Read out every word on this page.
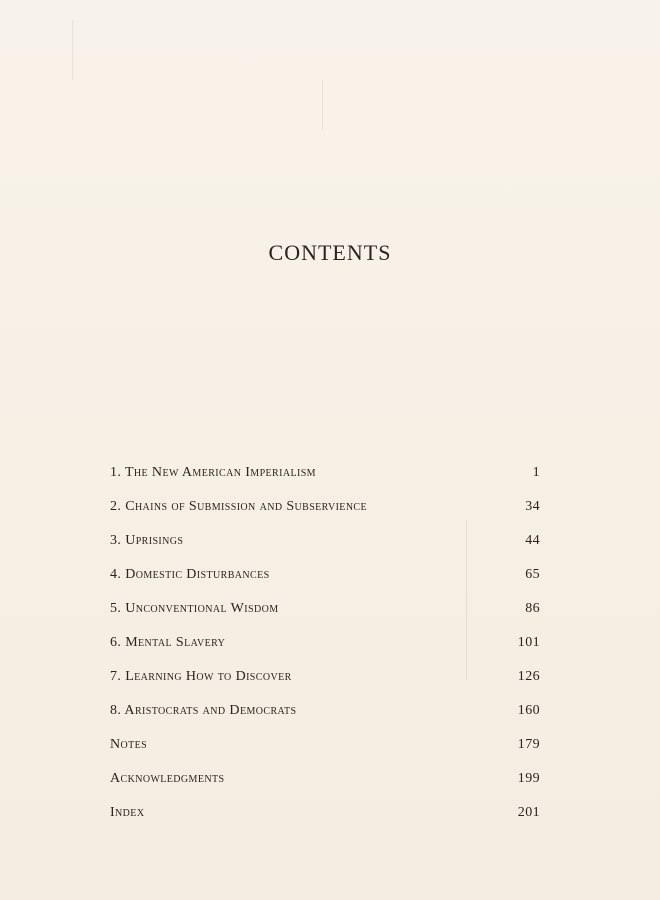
CONTENTS
1. The New American Imperialism	1
2. Chains of Submission and Subservience	34
3. Uprisings	44
4. Domestic Disturbances	65
5. Unconventional Wisdom	86
6. Mental Slavery	101
7. Learning How to Discover	126
8. Aristocrats and Democrats	160
Notes	179
Acknowledgments	199
Index	201
